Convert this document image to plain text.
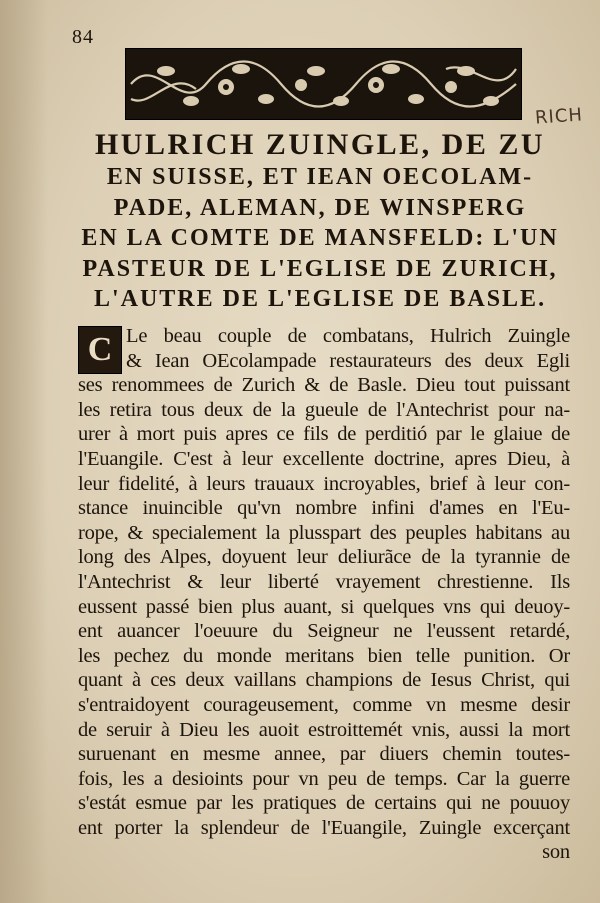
84
RICH
HULRICH ZUINGLE, DE ZU
EN SUISSE, ET IEAN OECOLAM-
PADE, ALEMAN, DE WINSPERG
EN LA COMTE DE MANSFELD: L'UN
PASTEUR DE L'EGLISE DE ZURICH,
L'AUTRE DE L'EGLISE DE BASLE.
C Le beau couple de combatans, Hulrich Zuingle
& Iean OEcolampade restaurateurs des deux Egli
ses renommees de Zurich & de Basle. Dieu tout puissant
les retira tous deux de la gueule de l'Antechrist pour na-
urer à mort puis apres ce fils de perditió par le glaiue de
l'Euangile. C'est à leur excellente doctrine, apres Dieu, à
leur fidelité, à leurs trauaux incroyables, brief à leur con-
stance inuincible qu'vn nombre infini d'ames en l'Eu-
rope, & specialement la plusspart des peuples habitans au
long des Alpes, doyuent leur deliurãce de la tyrannie de
l'Antechrist & leur liberté vrayement chrestienne. Ils
eussent passé bien plus auant, si quelques vns qui deuoy-
ent auancer l'oeuure du Seigneur ne l'eussent retardé,
les pechez du monde meritans bien telle punition. Or
quant à ces deux vaillans champions de Iesus Christ, qui
s'entraidoyent courageusement, comme vn mesme desir
de seruir à Dieu les auoit estroittemét vnis, aussi la mort
suruenant en mesme annee, par diuers chemin toutes-
fois, les a desioints pour vn peu de temps. Car la guerre
s'estát esmue par les pratiques de certains qui ne pouuoy
ent porter la splendeur de l'Euangile, Zuingle excerçant
son
